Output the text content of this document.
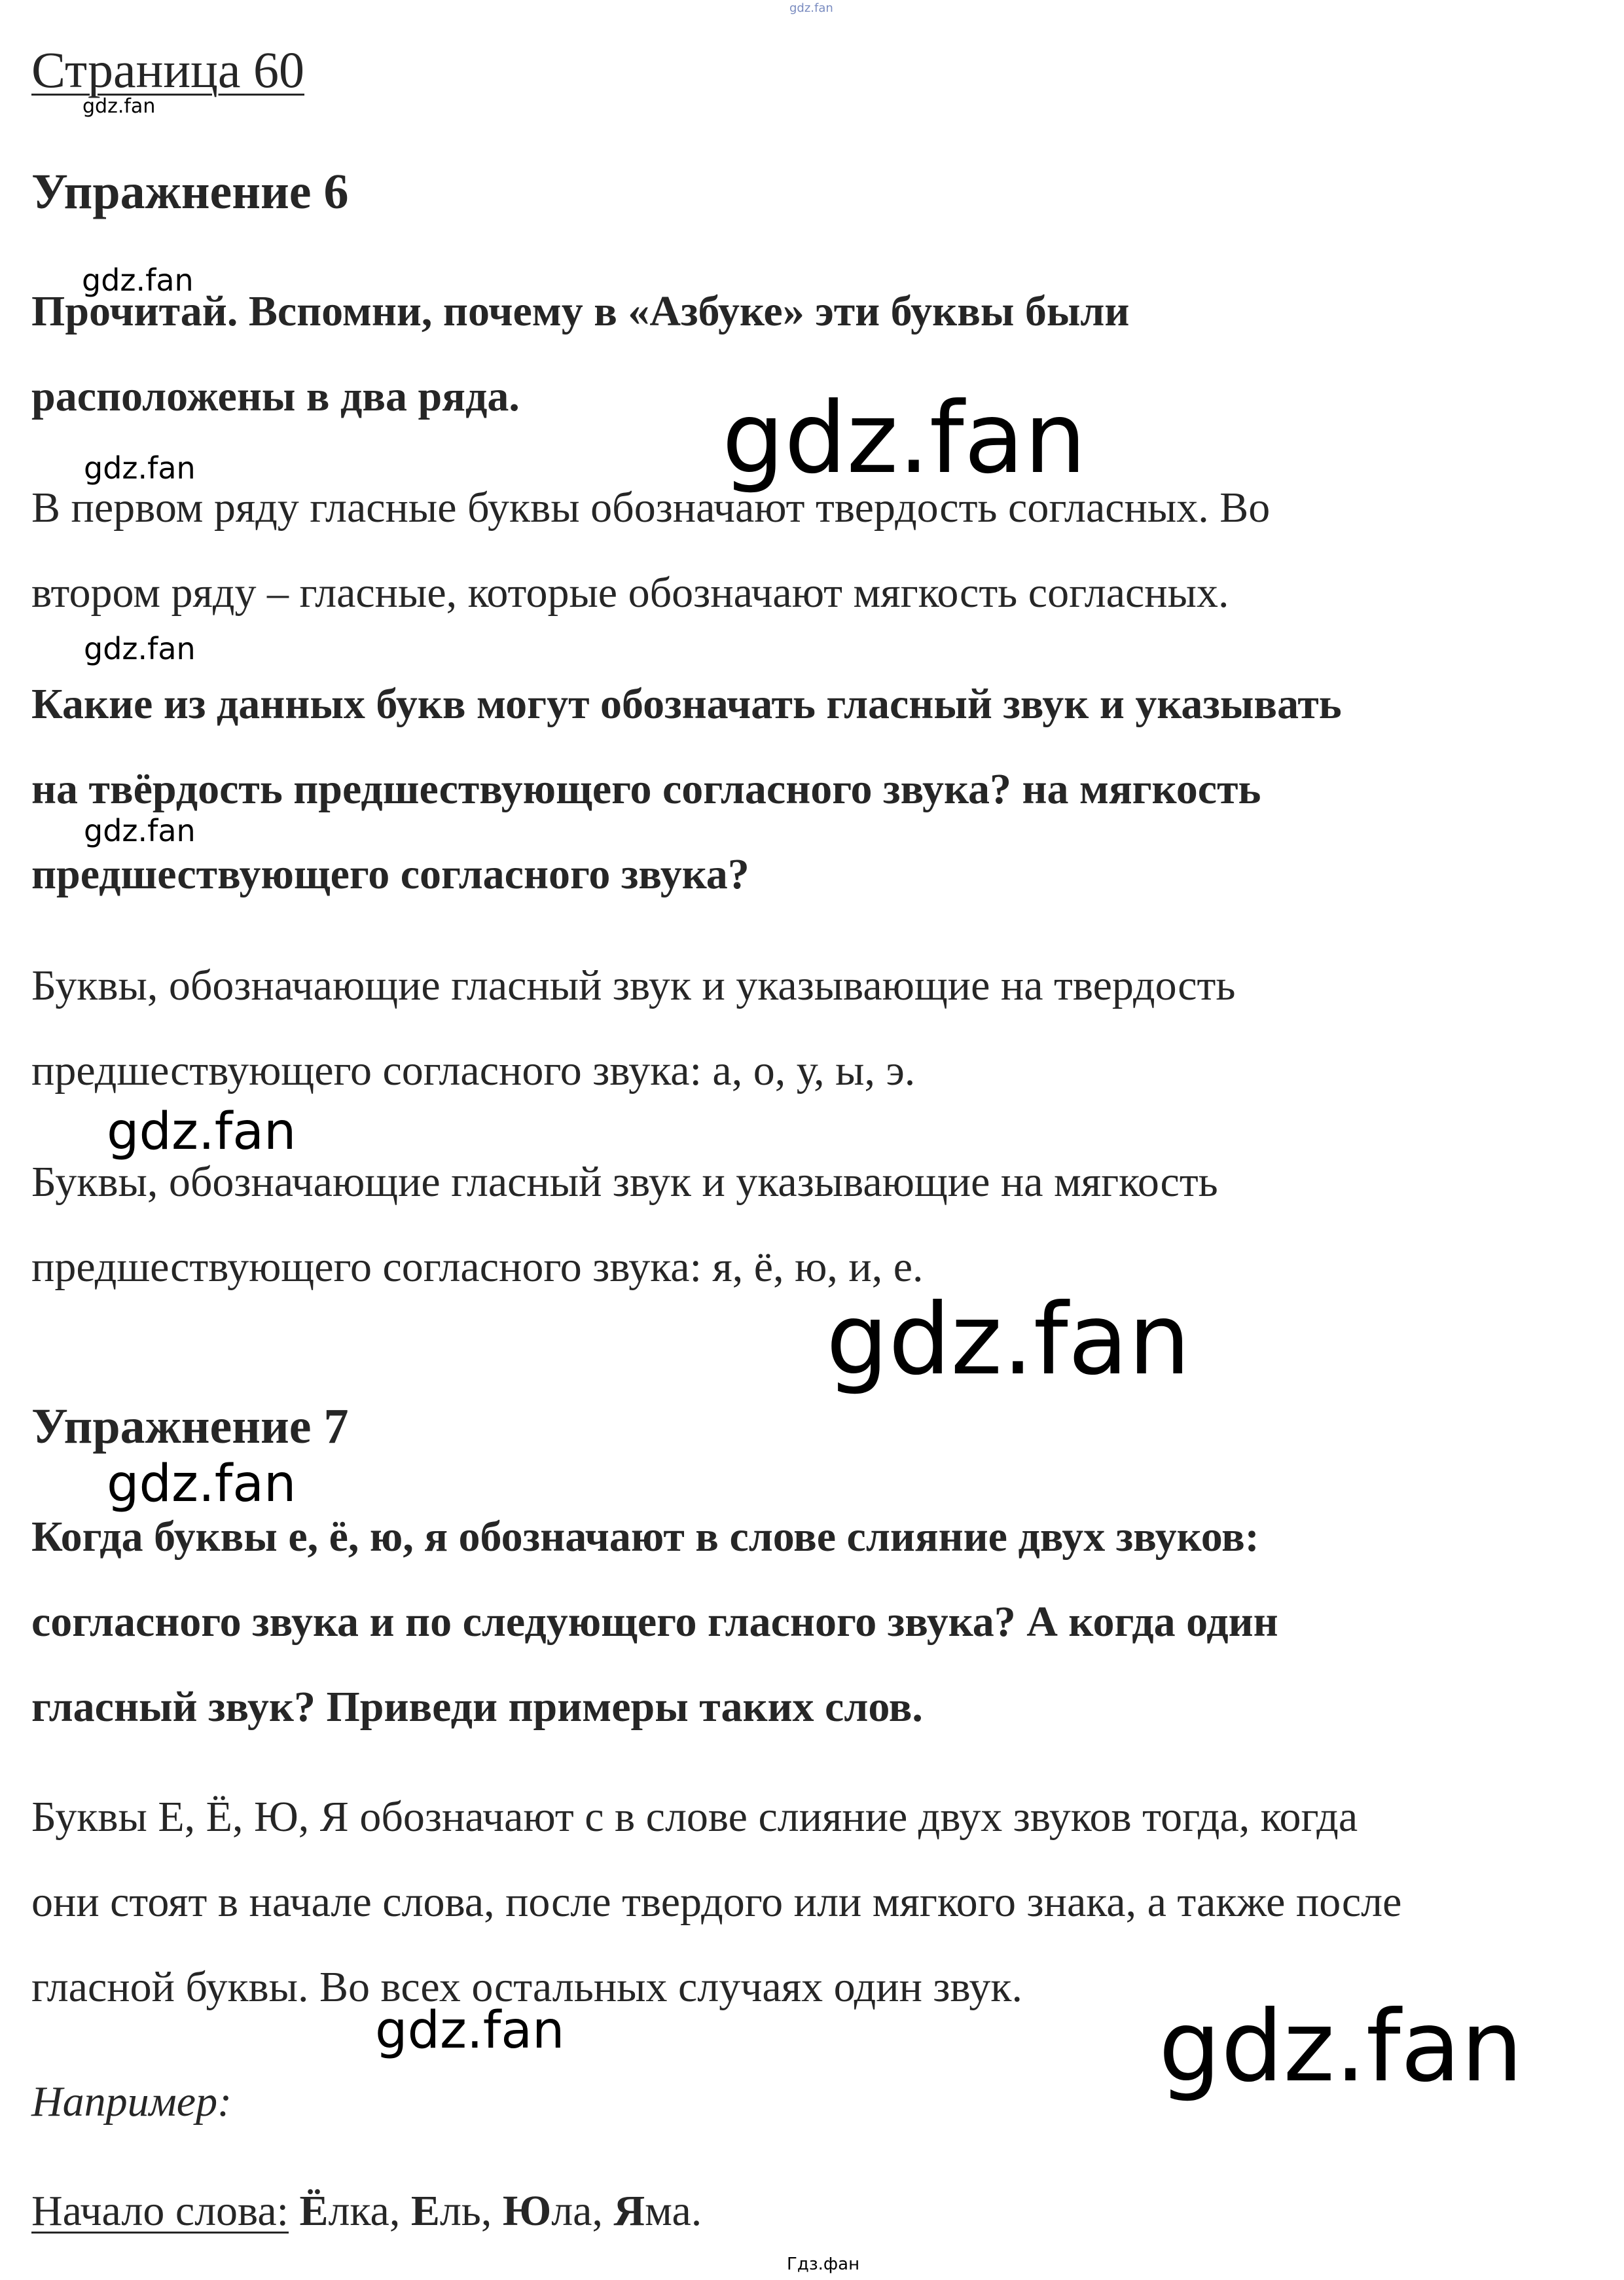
gdz.fan
Страница 60
gdz.fan
Упражнение 6
gdz.fan
Прочитай. Вспомни, почему в «Азбуке» эти буквы были
расположены в два ряда. gdz.fan
gdz.fan
В первом ряду гласные буквы обозначают твердость согласных. Во
втором ряду – гласные, которые обозначают мягкость согласных.
gdz.fan
Какие из данных букв могут обозначать гласный звук и указывать
на твёрдость предшествующего согласного звука? на мягкость
gdz.fan
предшествующего согласного звука?
Буквы, обозначающие гласный звук и указывающие на твердость
предшествующего согласного звука: а, о, у, ы, э.
gdz.fan
Буквы, обозначающие гласный звук и указывающие на мягкость
предшествующего согласного звука: я, ё, ю, и, е.
gdz.fan
Упражнение 7
gdz.fan
Когда буквы е, ё, ю, я обозначают в слове слияние двух звуков:
согласного звука и по следующего гласного звука? А когда один
гласный звук? Приведи примеры таких слов.
Буквы Е, Ё, Ю, Я обозначают с в слове слияние двух звуков тогда, когда
они стоят в начале слова, после твердого или мягкого знака, а также после
гласной буквы. Во всех остальных случаях один звук.
gdz.fan	gdz.fan
Например:
Начало слова: Ёлка, Ель, Юла, Яма.
Гдз.фан
